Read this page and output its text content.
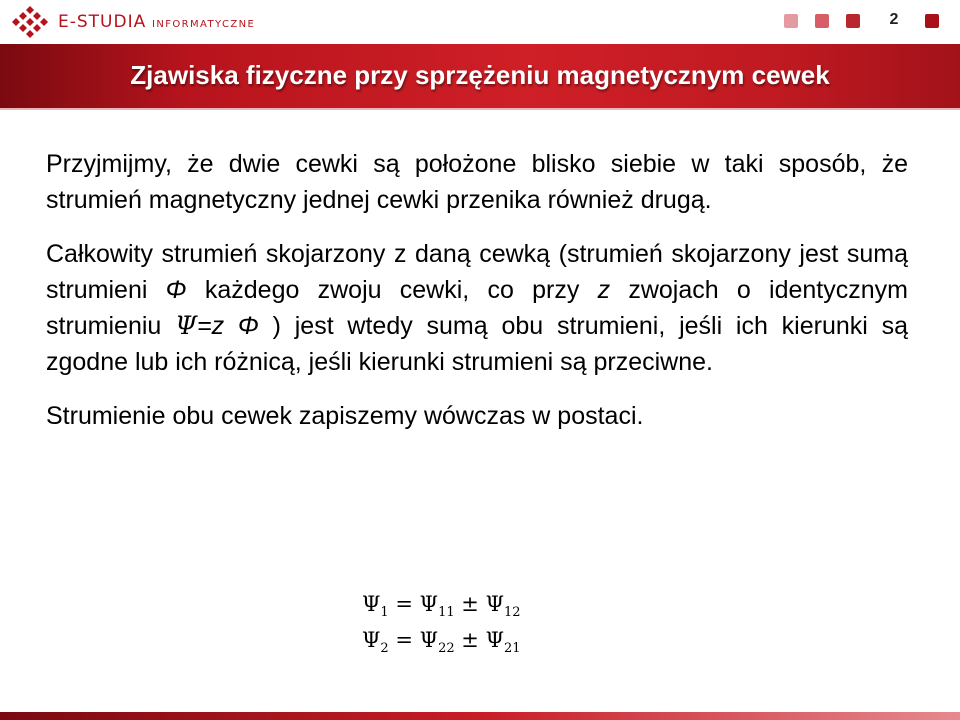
E-STUDIA INFORMATYCZNE	2
Zjawiska fizyczne przy sprzężeniu magnetycznym cewek

Przyjmijmy, że dwie cewki są położone blisko siebie w taki sposób, że strumień magnetyczny jednej cewki przenika również drugą.

Całkowity strumień skojarzony z daną cewką (strumień skojarzony jest sumą strumieni Φ każdego zwoju cewki, co przy z zwojach o identycznym strumieniu Ψ=z Φ ) jest wtedy sumą obu strumieni, jeśli ich kierunki są zgodne lub ich różnicą, jeśli kierunki strumieni są przeciwne.

Strumienie obu cewek zapiszemy wówczas w postaci.

$\Psi_1 = \Psi_{11} \pm \Psi_{12}$
$\Psi_2 = \Psi_{22} \pm \Psi_{21}$
